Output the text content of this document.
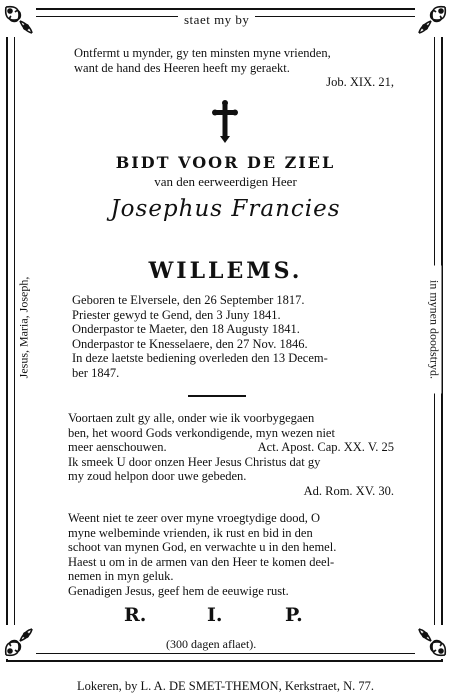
staet my by
Jesus, Maria, Joseph,	in mynen doodstryd.
Ontfermt u mynder, gy ten minsten myne vrienden,
want de hand des Heeren heeft my geraekt.
Job. XIX. 21,
BIDT VOOR DE ZIEL
van den eerweerdigen Heer
Josephus Francies
WILLEMS.
Geboren te Elversele, den 26 September 1817.
Priester gewyd te Gend, den 3 Juny 1841.
Onderpastor te Maeter, den 18 Augusty 1841.
Onderpastor te Knesselaere, den 27 Nov. 1846.
In deze laetste bediening overleden den 13 Decem-
ber 1847.
Voortaen zult gy alle, onder wie ik voorbygegaen
ben, het woord Gods verkondigende, myn wezen niet
meer aenschouwen.	Act. Apost. Cap. XX. V. 25
Ik smeek U door onzen Heer Jesus Christus dat gy
my zoud helpon door uwe gebeden.
Ad. Rom. XV. 30.
Weent niet te zeer over myne vroegtydige dood, O
myne welbeminde vrienden, ik rust en bid in den
schoot van mynen God, en verwachte u in den hemel.
Haest u om in de armen van den Heer te komen deel-
nemen in myn geluk.
Genadigen Jesus, geef hem de eeuwige rust.
R.	I.	P.
(300 dagen aflaet).
Lokeren, by L. A. DE SMET-THEMON, Kerkstraet, N. 77.
